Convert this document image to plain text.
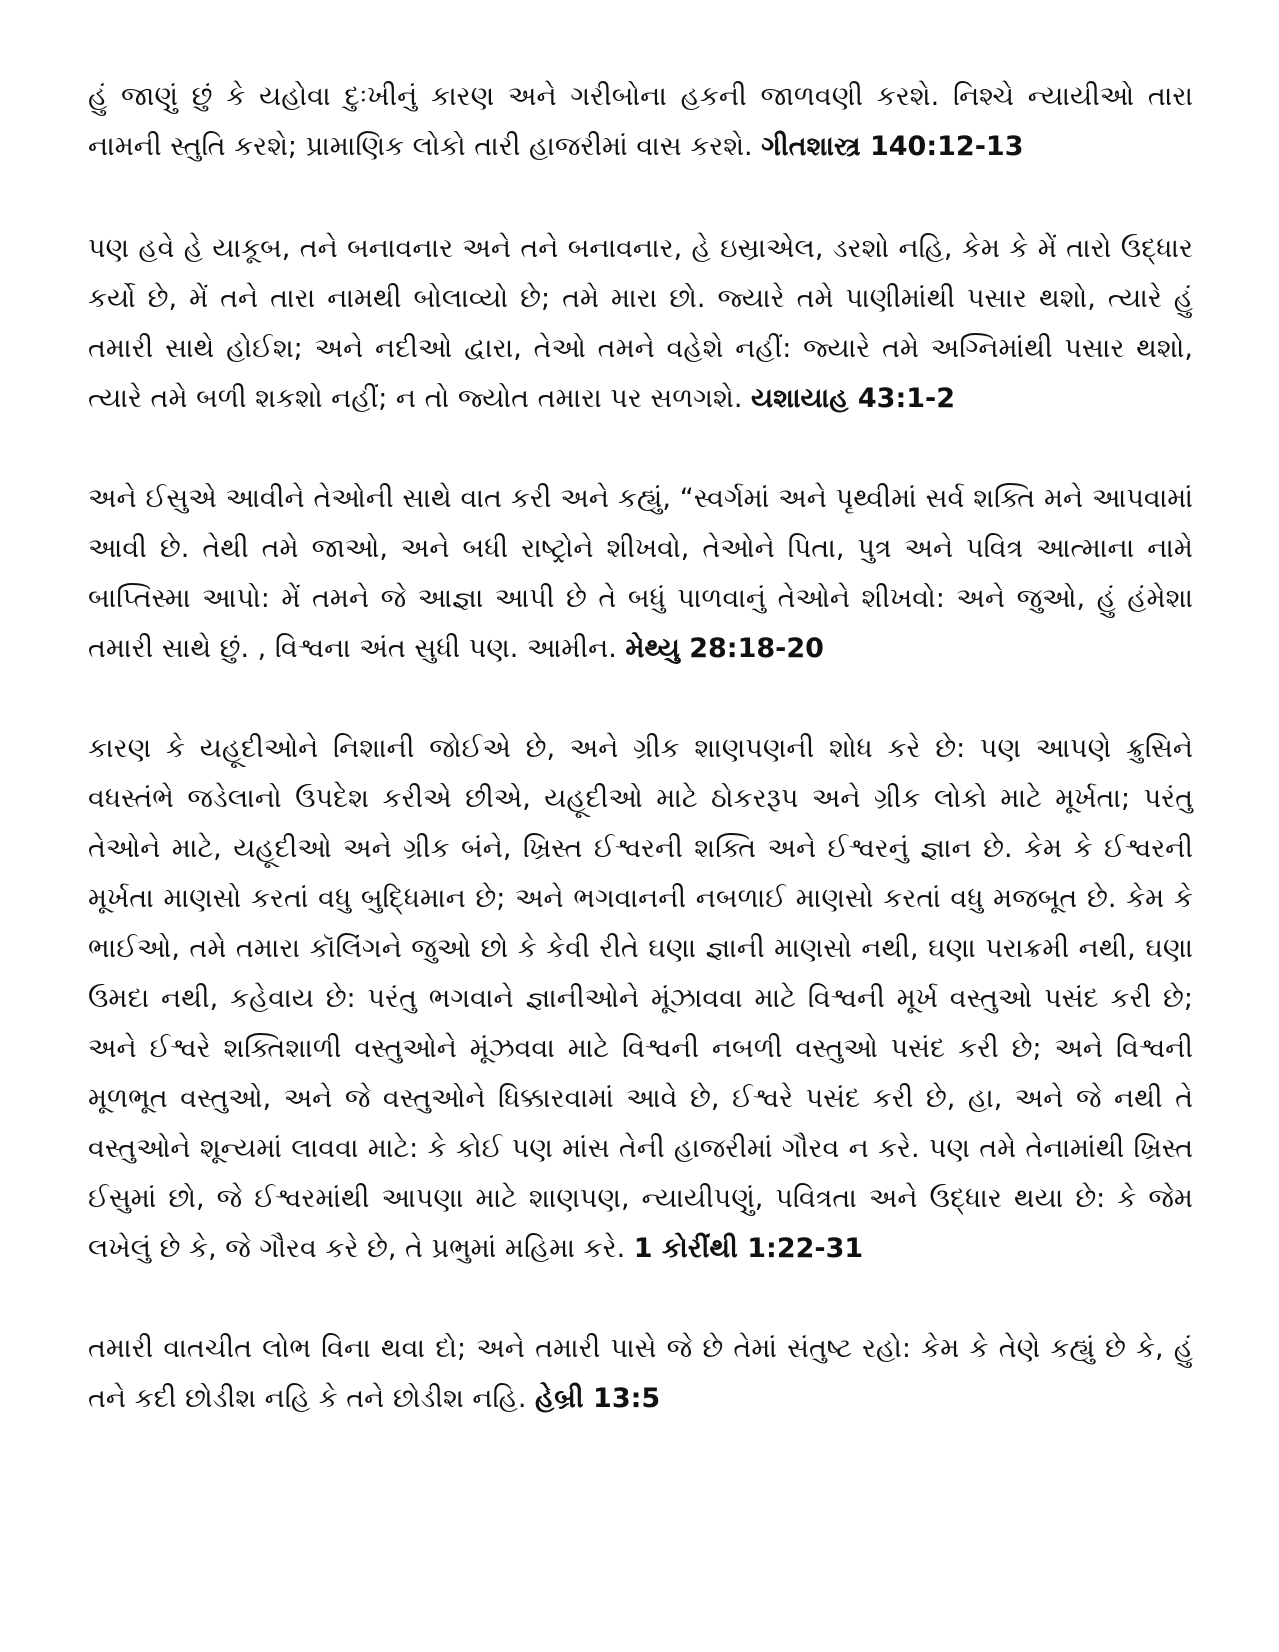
હું જાણું છું કે યહોવા દુઃખીનું કારણ અને ગરીબોના હકની જાળવણી કરશે. નિશ્ચે ન્યાયીઓ તારા નામની સ્તુતિ કરશે; પ્રામાણિક લોકો તારી હાજરીમાં વાસ કરશે. ગીતશાસ્ત્ર 140:12-13

પણ હવે હે યાકૂબ, તને બનાવનાર અને તને બનાવનાર, હે ઇસ્રાએલ, ડરશો નહિ, કેમ કે મેં તારો ઉદ્ધાર કર્યો છે, મેં તને તારા નામથી બોલાવ્યો છે; તમે મારા છો. જ્યારે તમે પાણીમાંથી પસાર થશો, ત્યારે હું તમારી સાથે હોઈશ; અને નદીઓ દ્વારા, તેઓ તમને વહેશે નહીં: જ્યારે તમે અગ્નિમાંથી પસાર થશો, ત્યારે તમે બળી શકશો નહીં; ન તો જ્યોત તમારા પર સળગશે. યશાયાહ 43:1-2

અને ઈસુએ આવીને તેઓની સાથે વાત કરી અને કહ્યું, “સ્વર્ગમાં અને પૃથ્વીમાં સર્વ શક્તિ મને આપવામાં આવી છે. તેથી તમે જાઓ, અને બધી રાષ્ટ્રોને શીખવો, તેઓને પિતા, પુત્ર અને પવિત્ર આત્માના નામે બાપ્તિસ્મા આપો: મેં તમને જે આજ્ઞા આપી છે તે બધું પાળવાનું તેઓને શીખવો: અને જુઓ, હું હંમેશા તમારી સાથે છું. , વિશ્વના અંત સુધી પણ. આમીન. મેથ્યુ 28:18-20

કારણ કે યહૂદીઓને નિશાની જોઈએ છે, અને ગ્રીક શાણપણની શોધ કરે છે: પણ આપણે ક્રુસિને વધસ્તંભે જડેલાનો ઉપદેશ કરીએ છીએ, યહૂદીઓ માટે ઠોકરરૂપ અને ગ્રીક લોકો માટે મૂર્ખતા; પરંતુ તેઓને માટે, યહૂદીઓ અને ગ્રીક બંને, ખ્રિસ્ત ઈશ્વરની શક્તિ અને ઈશ્વરનું જ્ઞાન છે. કેમ કે ઈશ્વરની મૂર્ખતા માણસો કરતાં વધુ બુદ્ધિમાન છે; અને ભગવાનની નબળાઈ માણસો કરતાં વધુ મજબૂત છે. કેમ કે ભાઈઓ, તમે તમારા કૉલિંગને જુઓ છો કે કેવી રીતે ઘણા જ્ઞાની માણસો નથી, ઘણા પરાક્રમી નથી, ઘણા ઉમદા નથી, કહેવાય છે: પરંતુ ભગવાને જ્ઞાનીઓને મૂંઝાવવા માટે વિશ્વની મૂર્ખ વસ્તુઓ પસંદ કરી છે; અને ઈશ્વરે શક્તિશાળી વસ્તુઓને મૂંઝવવા માટે વિશ્વની નબળી વસ્તુઓ પસંદ કરી છે; અને વિશ્વની મૂળભૂત વસ્તુઓ, અને જે વસ્તુઓને ધિક્કારવામાં આવે છે, ઈશ્વરે પસંદ કરી છે, હા, અને જે નથી તે વસ્તુઓને શૂન્યમાં લાવવા માટે: કે કોઈ પણ માંસ તેની હાજરીમાં ગૌરવ ન કરે. પણ તમે તેનામાંથી ખ્રિસ્ત ઈસુમાં છો, જે ઈશ્વરમાંથી આપણા માટે શાણપણ, ન્યાયીપણું, પવિત્રતા અને ઉદ્ધાર થયા છે: કે જેમ લખેલું છે કે, જે ગૌરવ કરે છે, તે પ્રભુમાં મહિમા કરે. 1 કોરીંથી 1:22-31

તમારી વાતચીત લોભ વિના થવા દો; અને તમારી પાસે જે છે તેમાં સંતુષ્ટ રહો: કેમ કે તેણે કહ્યું છે કે, હું તને કદી છોડીશ નહિ કે તને છોડીશ નહિ. હેબ્રી 13:5
